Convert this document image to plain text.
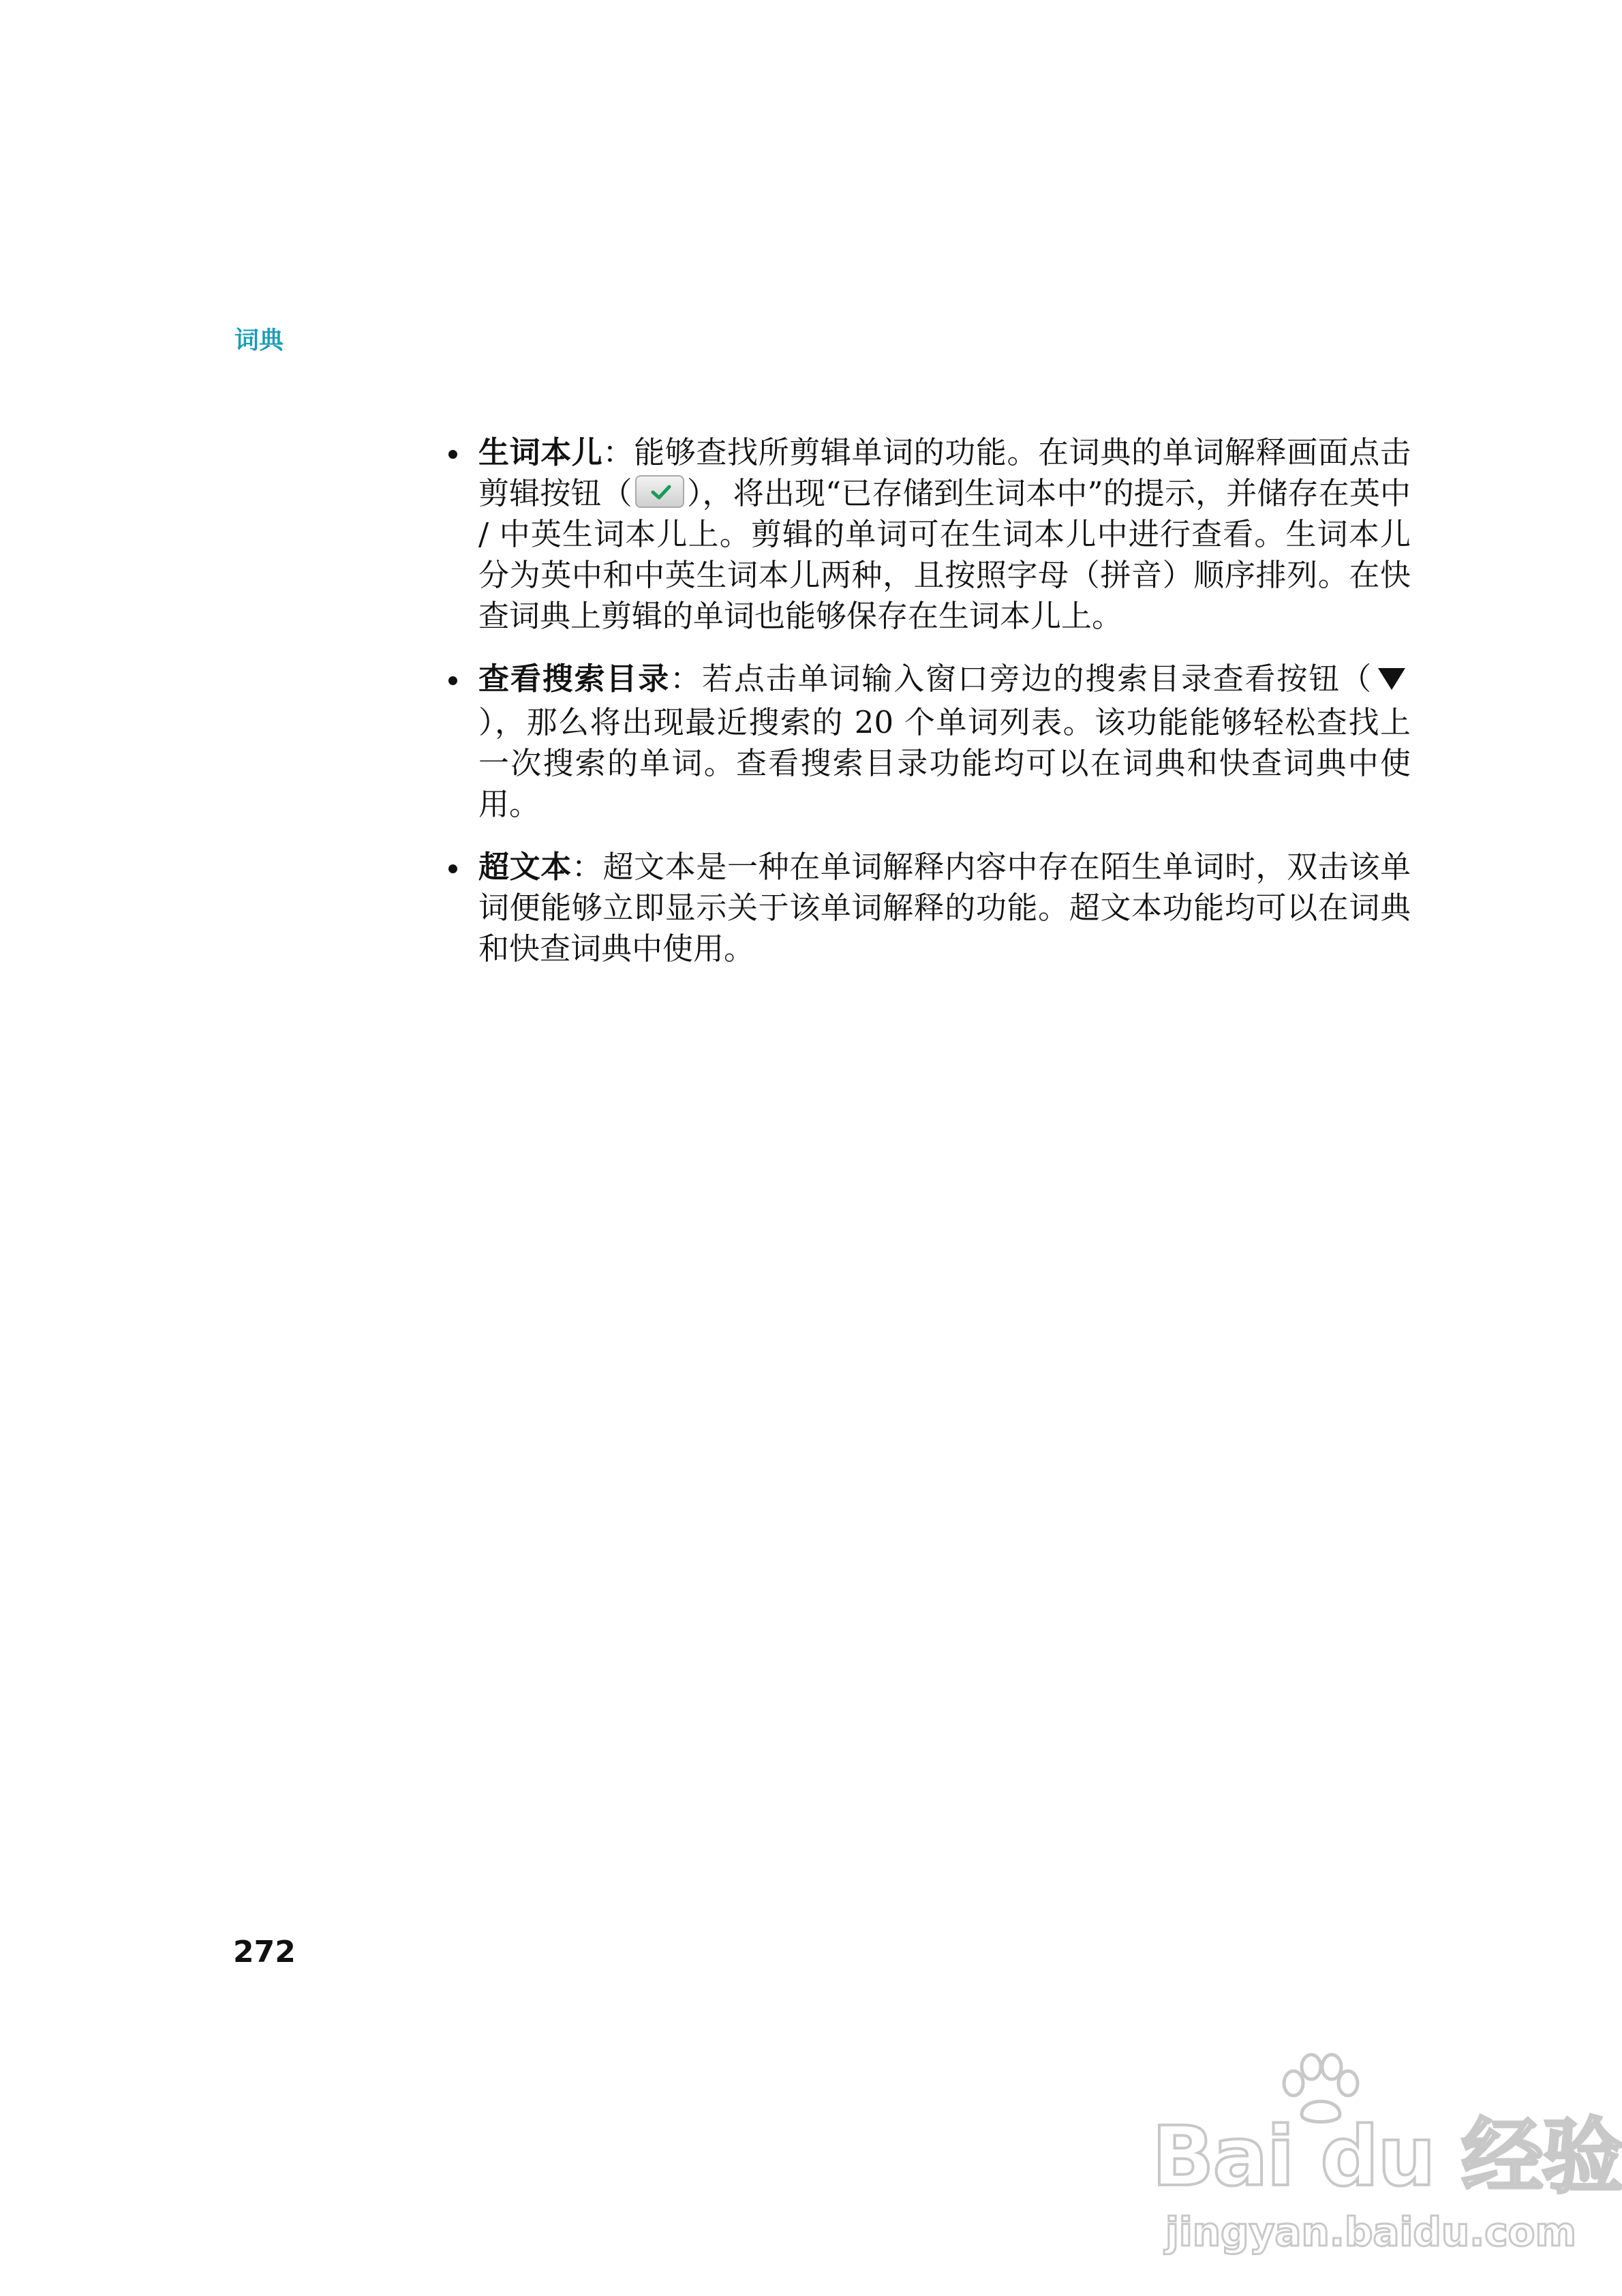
词典
生词本儿：能够查找所剪辑单词的功能。在词典的单词解释画面点击剪辑按钮（ ），将出现“已存储到生词本中”的提示，并储存在英中 / 中英生词本儿上。剪辑的单词可在生词本儿中进行查看。生词本儿分为英中和中英生词本儿两种，且按照字母（拼音）顺序排列。在快查词典上剪辑的单词也能够保存在生词本儿上。
查看搜索目录：若点击单词输入窗口旁边的搜索目录查看按钮（），那么将出现最近搜索的 20 个单词列表。该功能能够轻松查找上一次搜索的单词。查看搜索目录功能均可以在词典和快查词典中使用。
超文本：超文本是一种在单词解释内容中存在陌生单词时，双击该单词便能够立即显示关于该单词解释的功能。超文本功能均可以在词典和快查词典中使用。
272
Bai du 经验
jingyan.baidu.com
